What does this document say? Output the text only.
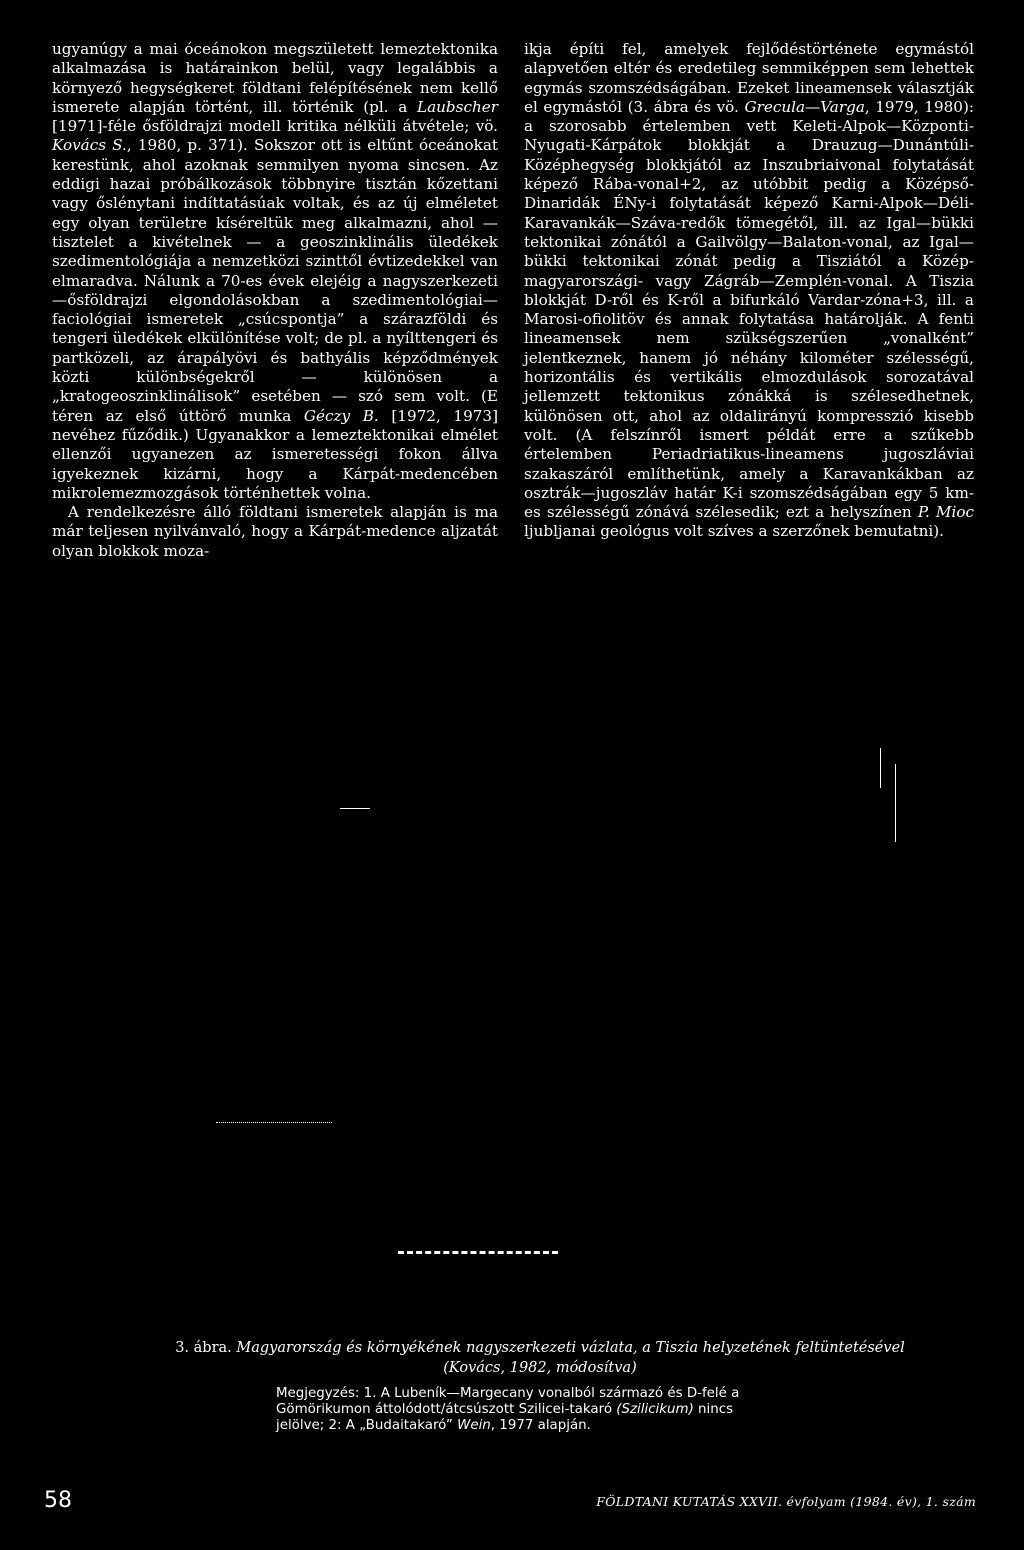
ugyanúgy a mai óceánokon megszületett lemeztektonika alkalmazása is határainkon belül, vagy legalábbis a környező hegységkeret földtani felépítésének nem kellő ismerete alapján történt, ill. történik (pl. a Laubscher [1971]-féle ősföldrajzi modell kritika nélküli átvétele; vö. Kovács S., 1980, p. 371). Sokszor ott is eltűnt óceánokat kerestünk, ahol azoknak semmilyen nyoma sincsen. Az eddigi hazai próbálkozások többnyire tisztán kőzettani vagy őslénytani indíttatásúak voltak, és az új elméletet egy olyan területre kíséreltük meg alkalmazni, ahol — tisztelet a kivételnek — a geoszinklinális üledékek szedimentológiája a nemzetközi szinttől évtizedekkel van elmaradva. Nálunk a 70-es évek elejéig a nagyszerkezeti—ősföldrajzi elgondolásokban a szedimentológiai—faciológiai ismeretek „csúcspontja” a szárazföldi és tengeri üledékek elkülönítése volt; de pl. a nyílttengeri és partközeli, az árapályövi és bathyális képződmények közti különbségekről — különösen a „kratogeoszinklinálisok” esetében — szó sem volt. (E téren az első úttörő munka Géczy B. [1972, 1973] nevéhez fűződik.) Ugyanakkor a lemeztektonikai elmélet ellenzői ugyanezen az ismeretességi fokon állva igyekeznek kizárni, hogy a Kárpát-medencében mikrolemezmozgások történhettek volna.

A rendelkezésre álló földtani ismeretek alapján is ma már teljesen nyilvánvaló, hogy a Kárpát-medence aljzatát olyan blokkok moza-

ikja építi fel, amelyek fejlődéstörténete egymástól alapvetően eltér és eredetileg semmiképpen sem lehettek egymás szomszédságában. Ezeket lineamensek választják el egymástól (3. ábra és vö. Grecula—Varga, 1979, 1980): a szorosabb értelemben vett Keleti-Alpok—Központi-Nyugati-Kárpátok blokkját a Drauzug—Dunántúli-Középhegység blokkjától az Inszubriaivonal folytatását képező Rába-vonal+2, az utóbbit pedig a Középső-Dinaridák ÉNy-i folytatását képező Karni-Alpok—Déli-Karavankák—Száva-redők tömegétől, ill. az Igal—bükki tektonikai zónától a Gailvölgy—Balaton-vonal, az Igal—bükki tektonikai zónát pedig a Tisziától a Közép-magyarországi- vagy Zágráb—Zemplén-vonal. A Tiszia blokkját D-ről és K-ről a bifurkáló Vardar-zóna+3, ill. a Marosi-ofiolitöv és annak folytatása határolják. A fenti lineamensek nem szükségszerűen „vonalként” jelentkeznek, hanem jó néhány kilométer szélességű, horizontális és vertikális elmozdulások sorozatával jellemzett tektonikus zónákká is szélesedhetnek, különösen ott, ahol az oldalirányú kompresszió kisebb volt. (A felszínről ismert példát erre a szűkebb értelemben Periadriatikus-lineamens jugoszláviai szakaszáról említhetünk, amely a Karavankákban az osztrák—jugoszláv határ K-i szomszédságában egy 5 km-es szélességű zónává szélesedik; ezt a helyszínen P. Mioc ljubljanai geológus volt szíves a szerzőnek bemutatni).

3. ábra. Magyarország és környékének nagyszerkezeti vázlata, a Tiszia helyzetének feltüntetésével
(Kovács, 1982, módosítva)
Megjegyzés: 1. A Lubeník—Margecany vonalból származó és D-felé a Gömörikumon áttolódott/átcsúszott Szilicei-takaró (Szilicikum) nincs jelölve; 2: A „Budaitakaró” Wein, 1977 alapján.
58	FÖLDTANI KUTATÁS XXVII. évfolyam (1984. év), 1. szám
